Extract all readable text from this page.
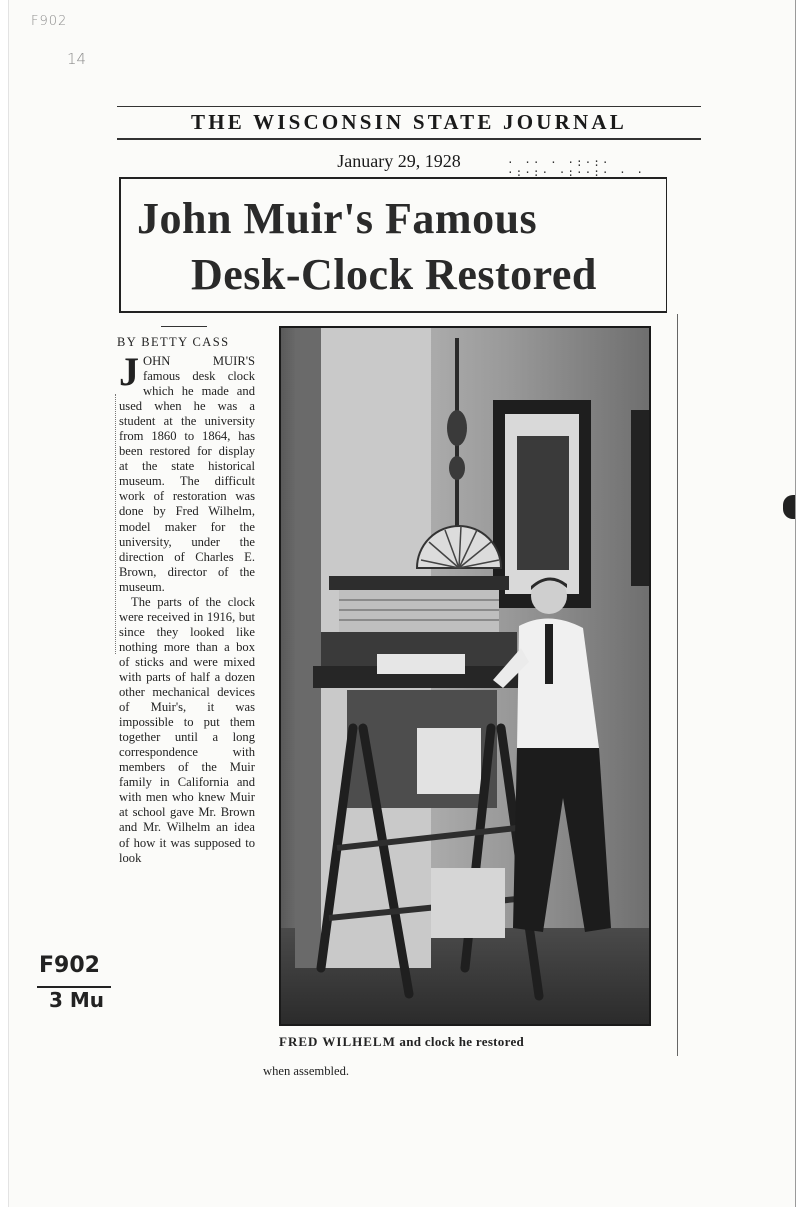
F902
14
THE WISCONSIN STATE JOURNAL
January 29, 1928	· ·· · ·:·:·
·:·:· ·:··:· · ·
John Muir's Famous
Desk-Clock Restored
BY BETTY CASS

JOHN MUIR'S famous desk clock which he made and used when he was a student at the university from 1860 to 1864, has been restored for display at the state historical museum. The difficult work of restoration was done by Fred Wilhelm, model maker for the university, under the direction of Charles E. Brown, director of the museum.

The parts of the clock were received in 1916, but since they looked like nothing more than a box of sticks and were mixed with parts of half a dozen other mechanical devices of Muir's, it was impossible to put them together until a long correspondence with members of the Muir family in California and with men who knew Muir at school gave Mr. Brown and Mr. Wilhelm an idea of how it was supposed to look

when assembled.
FRED WILHELM and clock he restored
F902
3 Mu
